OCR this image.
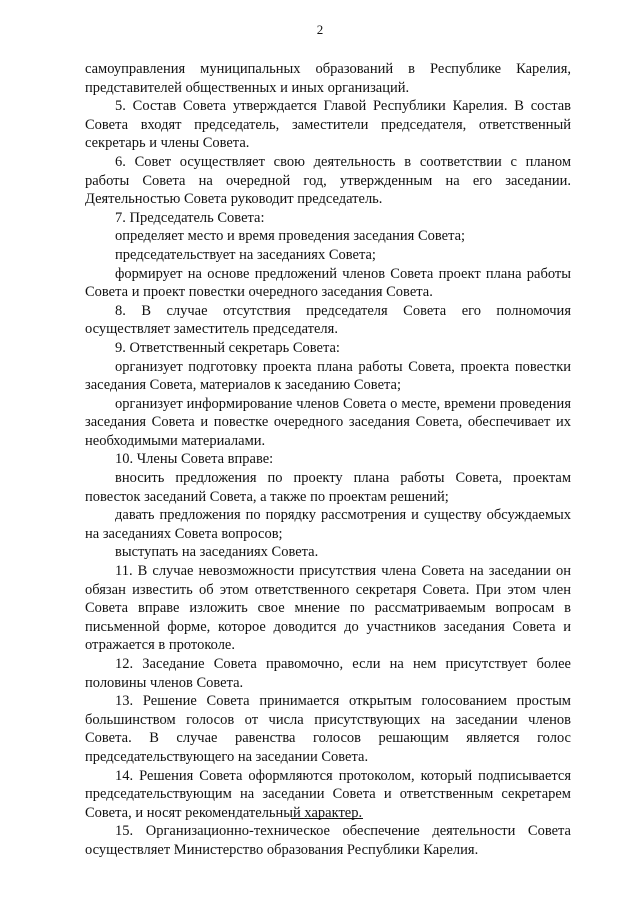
2

самоуправления муниципальных образований в Республике Карелия, представителей общественных и иных организаций.

5. Состав Совета утверждается Главой Республики Карелия. В состав Совета входят председатель, заместители председателя, ответственный секретарь и члены Совета.

6. Совет осуществляет свою деятельность в соответствии с планом работы Совета на очередной год, утвержденным на его заседании. Деятельностью Совета руководит председатель.

7. Председатель Совета:

определяет место и время проведения заседания Совета;

председательствует на заседаниях Совета;

формирует на основе предложений членов Совета проект плана работы Совета и проект повестки очередного заседания Совета.

8. В случае отсутствия председателя Совета его полномочия осуществляет заместитель председателя.

9. Ответственный секретарь Совета:

организует подготовку проекта плана работы Совета, проекта повестки заседания Совета, материалов к заседанию Совета;

организует информирование членов Совета о месте, времени проведения заседания Совета и повестке очередного заседания Совета, обеспечивает их необходимыми материалами.

10. Члены Совета вправе:

вносить предложения по проекту плана работы Совета, проектам повесток заседаний Совета, а также по проектам решений;

давать предложения по порядку рассмотрения и существу обсуждаемых на заседаниях Совета вопросов;

выступать на заседаниях Совета.

11. В случае невозможности присутствия члена Совета на заседании он обязан известить об этом ответственного секретаря Совета. При этом член Совета вправе изложить свое мнение по рассматриваемым вопросам в письменной форме, которое доводится до участников заседания Совета и отражается в протоколе.

12. Заседание Совета правомочно, если на нем присутствует более половины членов Совета.

13. Решение Совета принимается открытым голосованием простым большинством голосов от числа присутствующих на заседании членов Совета. В случае равенства голосов решающим является голос председательствующего на заседании Совета.

14. Решения Совета оформляются протоколом, который подписывается председательствующим на заседании Совета и ответственным секретарем Совета, и носят рекомендательный характер.

15. Организационно-техническое обеспечение деятельности Совета осуществляет Министерство образования Республики Карелия.
